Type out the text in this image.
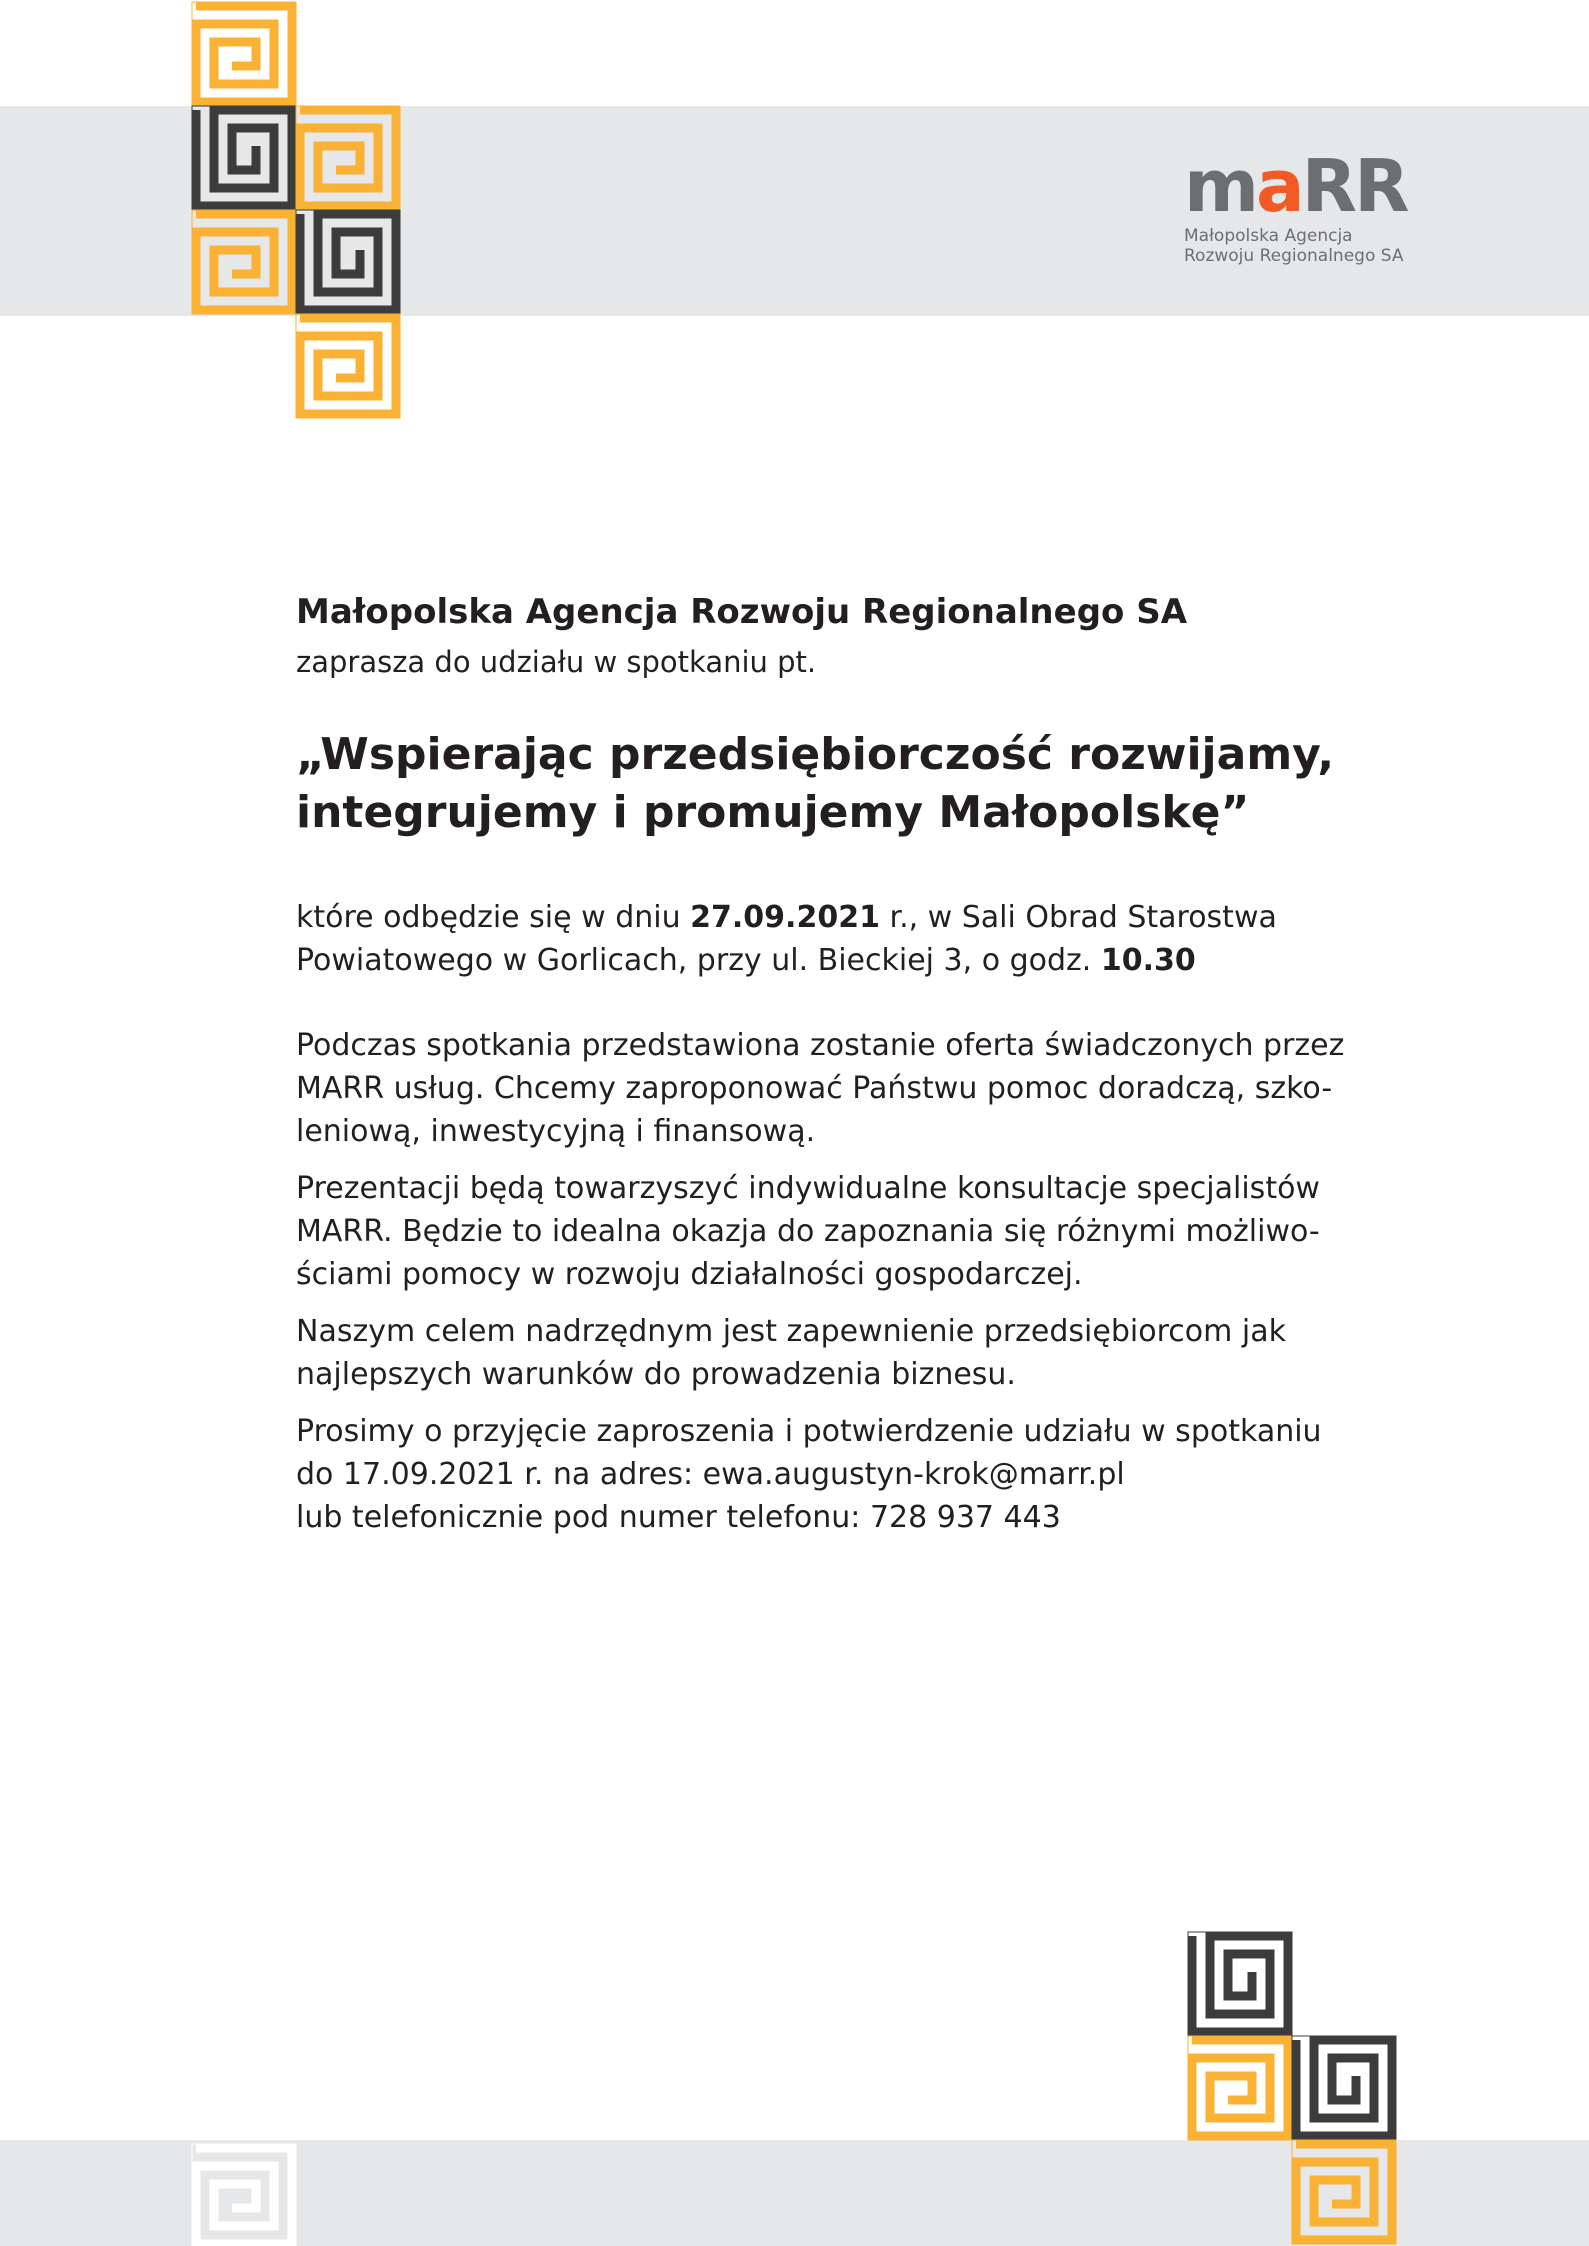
maRR
Małopolska Agencja
Rozwoju Regionalnego SA

Małopolska Agencja Rozwoju Regionalnego SA

zaprasza do udziału w spotkaniu pt.

„Wspierając przedsiębiorczość rozwijamy,
integrujemy i promujemy Małopolskę”

które odbędzie się w dniu 27.09.2021 r., w Sali Obrad Starostwa
Powiatowego w Gorlicach, przy ul. Bieckiej 3, o godz. 10.30

Podczas spotkania przedstawiona zostanie oferta świadczonych przez
MARR usług. Chcemy zaproponować Państwu pomoc doradczą, szko-
leniową, inwestycyjną i finansową.
Prezentacji będą towarzyszyć indywidualne konsultacje specjalistów
MARR. Będzie to idealna okazja do zapoznania się różnymi możliwo-
ściami pomocy w rozwoju działalności gospodarczej.
Naszym celem nadrzędnym jest zapewnienie przedsiębiorcom jak
najlepszych warunków do prowadzenia biznesu.
Prosimy o przyjęcie zaproszenia i potwierdzenie udziału w spotkaniu
do 17.09.2021 r. na adres: ewa.augustyn-krok@marr.pl
lub telefonicznie pod numer telefonu: 728 937 443
